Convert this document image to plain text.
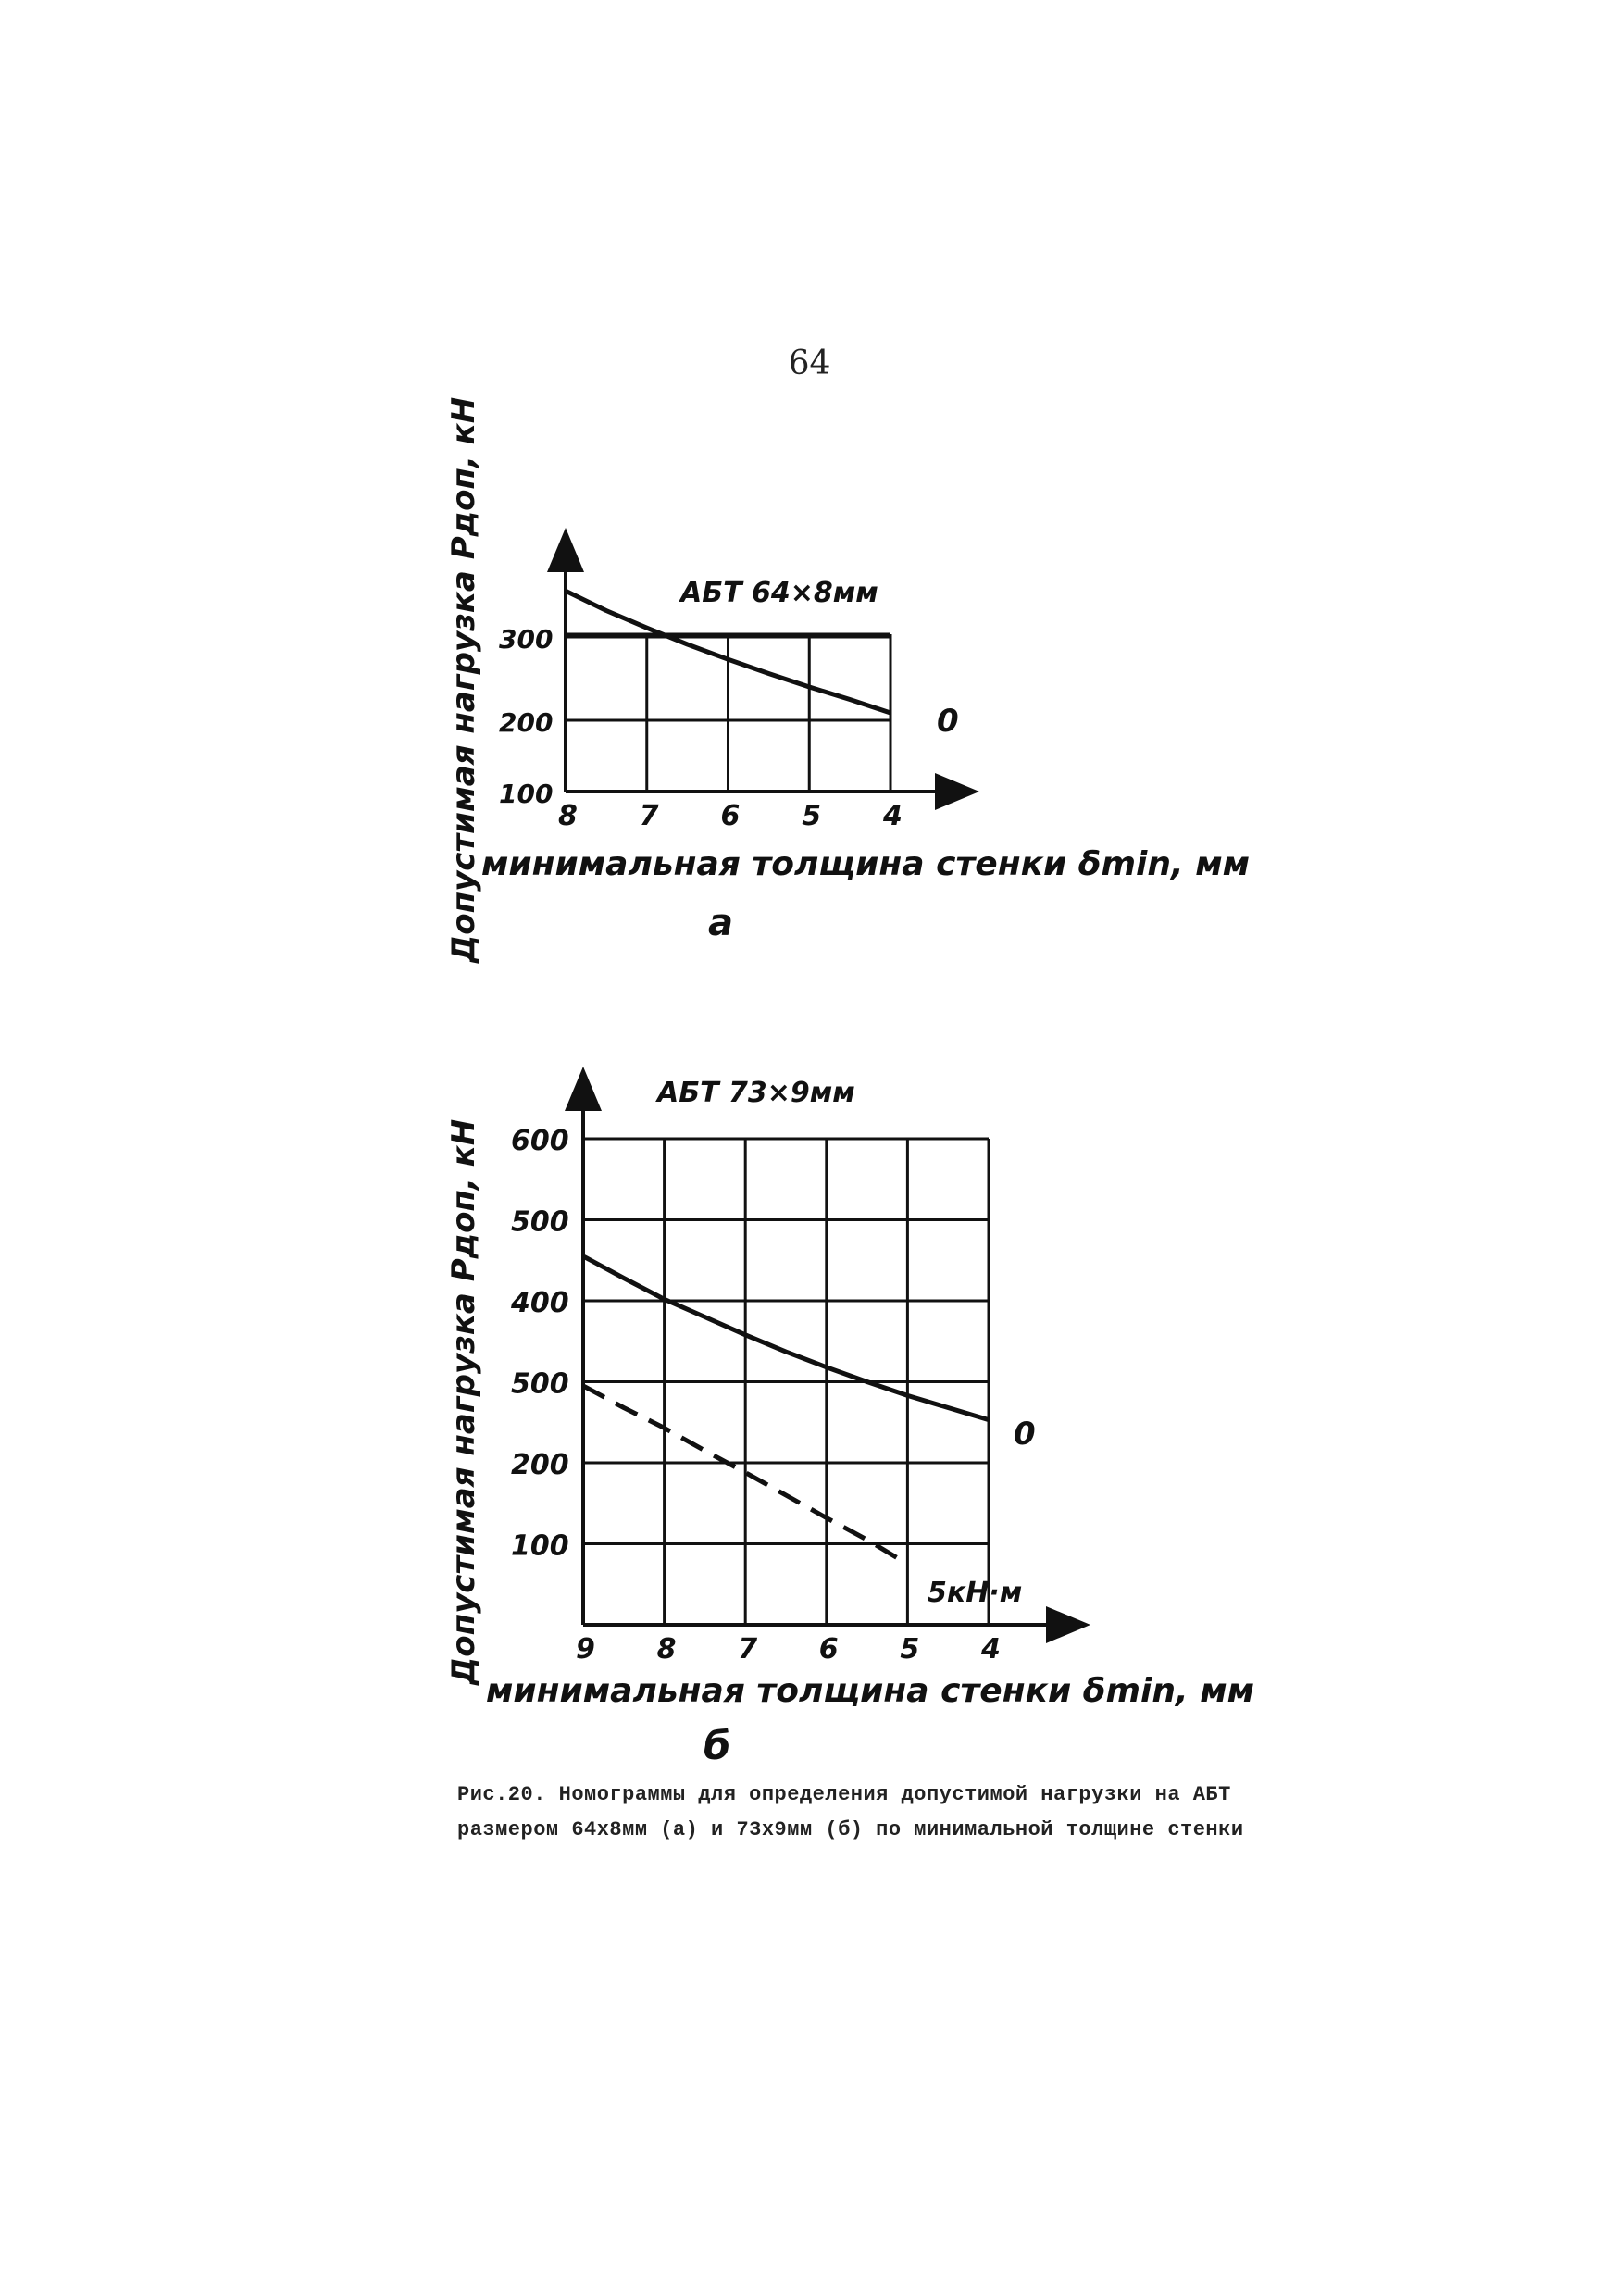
64
100
200
300
8 7 6 5 4
АБТ 64×8мм
0
минимальная толщина стенки δmin, мм
Допустимая нагрузка Pдоп, кН	а
100
200
500
400
500
600
9 8 7 6 5 4
АБТ 73×9мм
0
5кН·м
минимальная толщина стенки δmin, мм
Допустимая нагрузка Pдоп, кН
б
Рис.20. Номограммы для определения допустимой нагрузки на АБТ размером 64х8мм (а) и 73х9мм (б) по минимальной толщине стенки
